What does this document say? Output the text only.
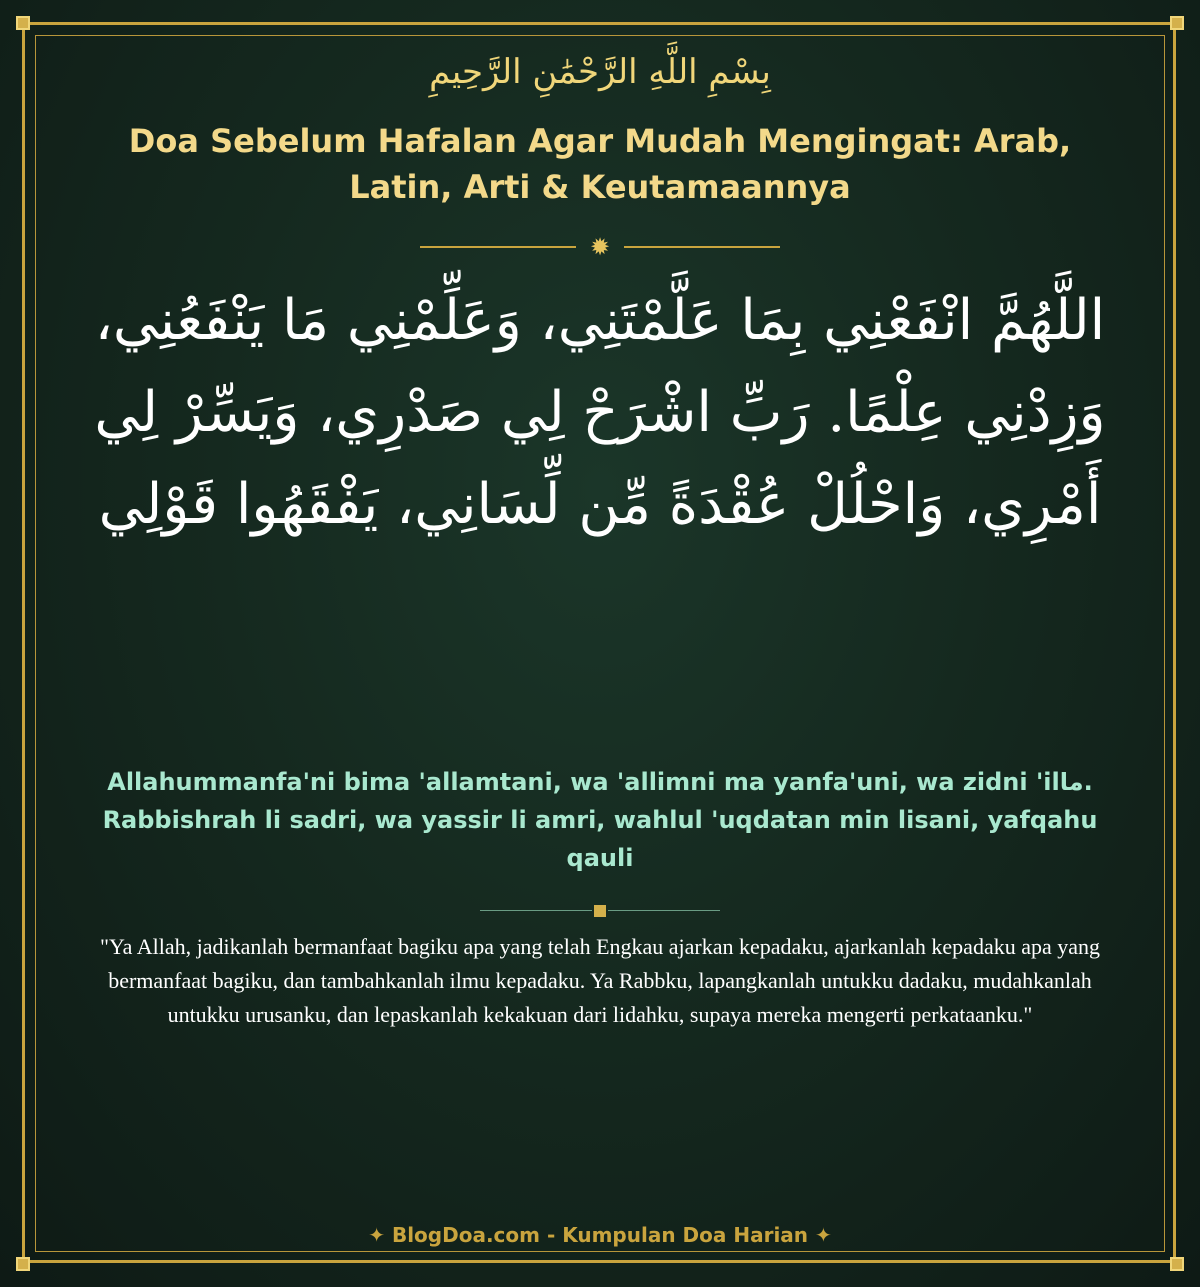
بِسْمِ اللَّهِ الرَّحْمَٰنِ الرَّحِيمِ
Doa Sebelum Hafalan Agar Mudah Mengingat: Arab, Latin, Arti & Keutamaannya
✹
اللَّهُمَّ انْفَعْنِي بِمَا عَلَّمْتَنِي، وَعَلِّمْنِي مَا يَنْفَعُنِي، وَزِدْنِي عِلْمًا. رَبِّ اشْرَحْ لِي صَدْرِي، وَيَسِّرْ لِي أَمْرِي، وَاحْلُلْ عُقْدَةً مِّن لِّسَانِي، يَفْقَهُوا قَوْلِي
Allahummanfa'ni bima 'allamtani, wa 'allimni ma yanfa'uni, wa zidni 'ilما. Rabbishrah li sadri, wa yassir li amri, wahlul 'uqdatan min lisani, yafqahu qauli
"Ya Allah, jadikanlah bermanfaat bagiku apa yang telah Engkau ajarkan kepadaku, ajarkanlah kepadaku apa yang bermanfaat bagiku, dan tambahkanlah ilmu kepadaku. Ya Rabbku, lapangkanlah untukku dadaku, mudahkanlah untukku urusanku, dan lepaskanlah kekakuan dari lidahku, supaya mereka mengerti perkataanku."
✦ BlogDoa.com - Kumpulan Doa Harian ✦
